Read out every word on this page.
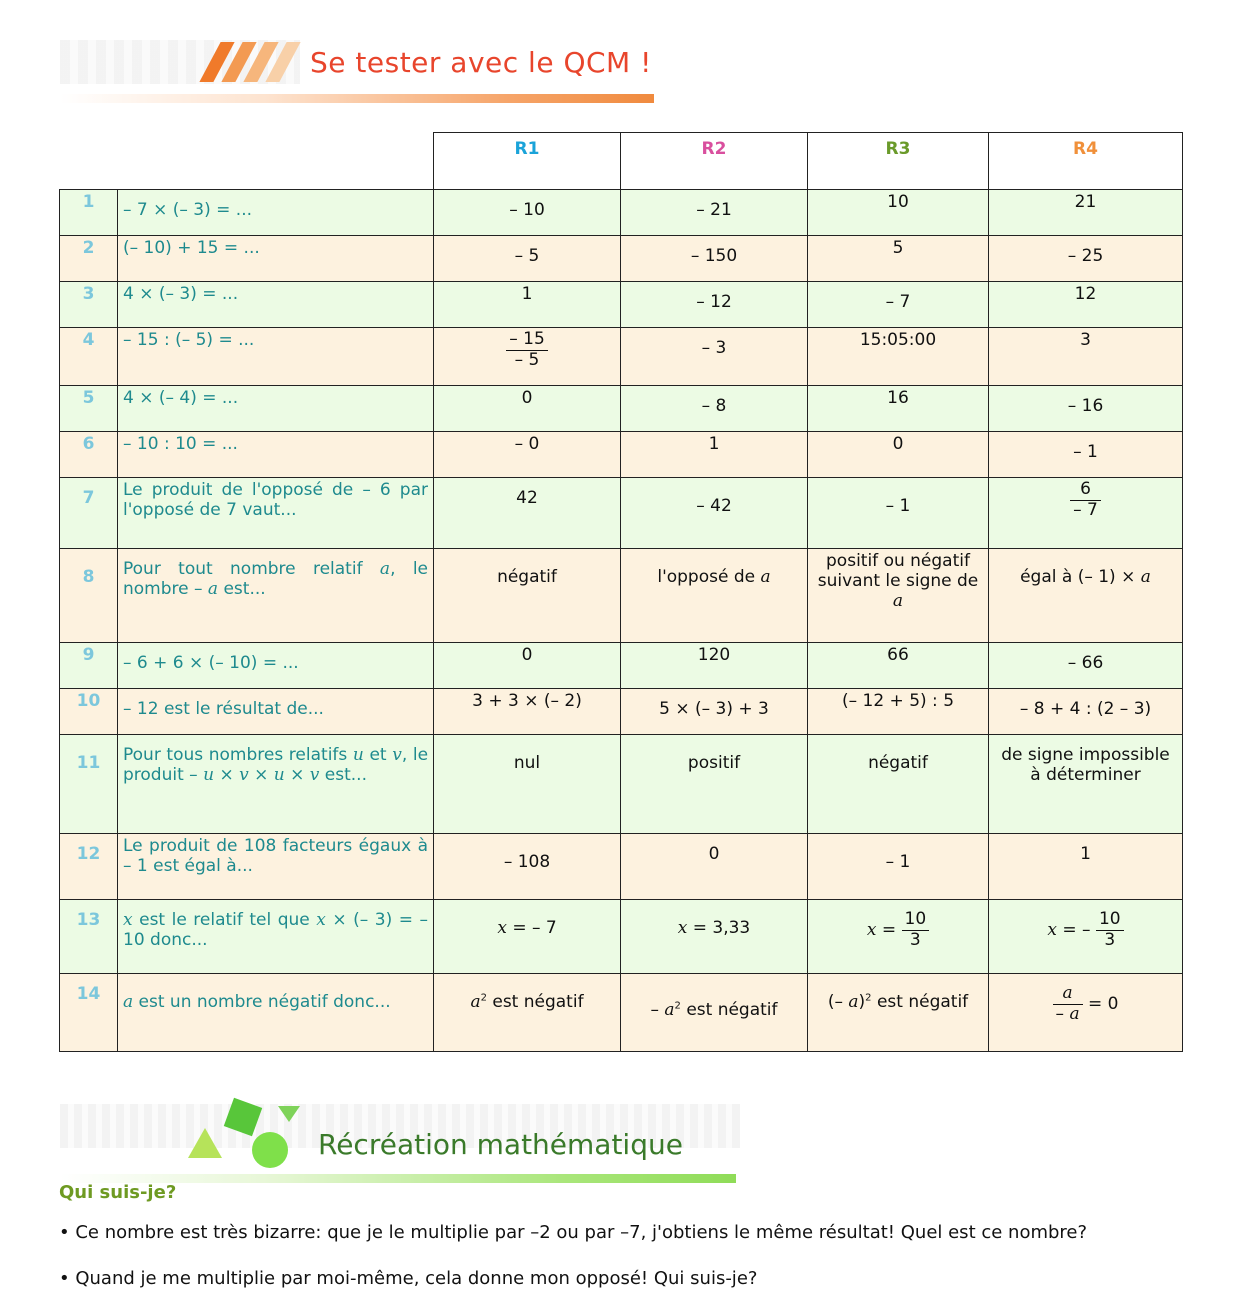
Se tester avec le QCM !
		R1	R2	R3	R4
1	– 7 × (– 3) = ...	– 10	– 21	10	21
2	(– 10) + 15 = ...	– 5	– 150	5	– 25
3	4 × (– 3) = ...	1	– 12	– 7	12
4	– 15 : (– 5) = ...	$\frac{- 15}{- 5}$	– 3	15:05:00	3
5	4 × (– 4) = ...	0	– 8	16	– 16
6	– 10 : 10 = ...	– 0	1	0	– 1
7	Le produit de l'opposé de – 6 par l'opposé de 7 vaut...	42	– 42	– 1	$\frac{6}{- 7}$

8	Pour tout nombre relatif a, le nombre – a est...	négatif	l'opposé de a	positif ou négatif suivant le signe de a	égal à (– 1) × a
9	– 6 + 6 × (– 10) = ...	0	120	66	– 66
10	– 12 est le résultat de...	3 + 3 × (– 2)	5 × (– 3) + 3	(– 12 + 5) : 5	– 8 + 4 : (2 – 3)
11	Pour tous nombres relatifs u et v, le produit – u × v × u × v est...	nul	positif	négatif	de signe impossible à déterminer
12	Le produit de 108 facteurs égaux à – 1 est égal à...	– 108	0	– 1	1
13	x est le relatif tel que x × (– 3) = – 10 donc...	x = – 7	x = 3,33	$x = \frac{10}{3}$	x = – $\frac{10}{3}$

14	a est un nombre négatif donc...	$a^2$ est négatif	– $a^2$ est négatif	(– a)$^2$ est négatif	$\frac{a}{- a} = 0$
Récréation mathématique
Qui suis-je?
• Ce nombre est très bizarre: que je le multiplie par –2 ou par –7, j'obtiens le même résultat! Quel est ce nombre?
• Quand je me multiplie par moi-même, cela donne mon opposé! Qui suis-je?
